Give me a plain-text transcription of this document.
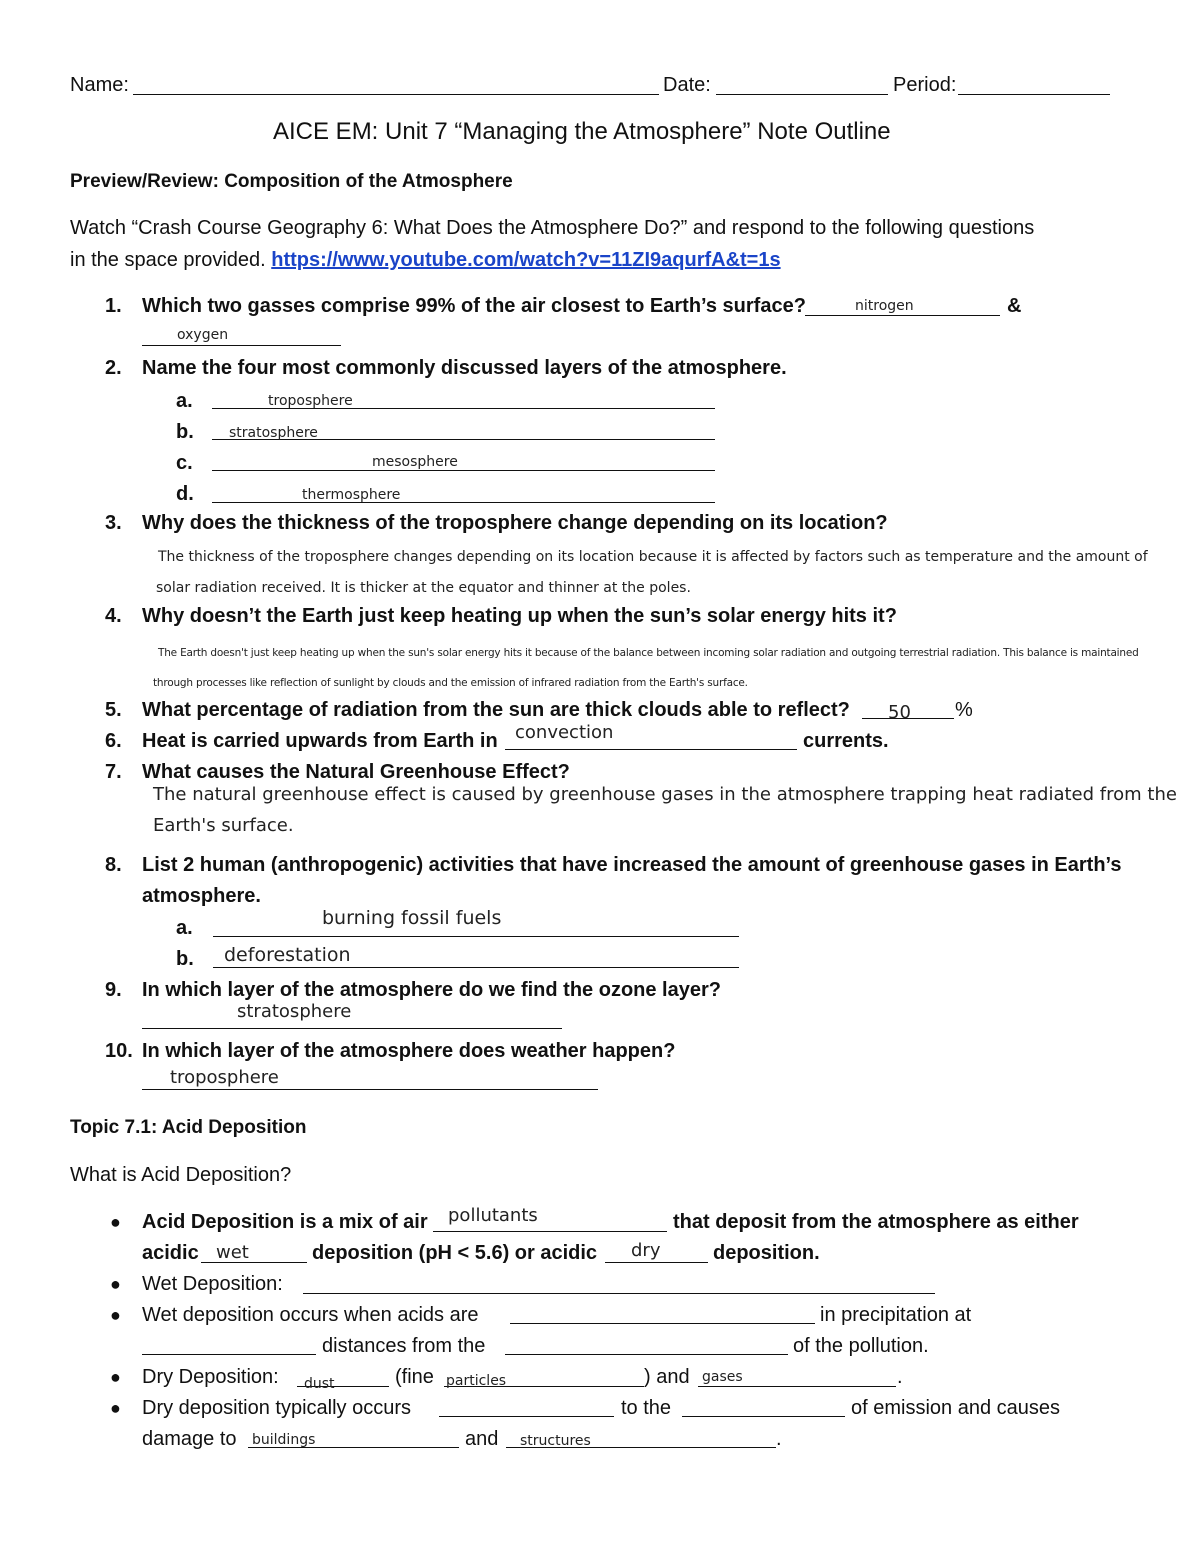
Name:	Date:	Period:
AICE EM: Unit 7 “Managing the Atmosphere” Note Outline
Preview/Review: Composition of the Atmosphere
Watch “Crash Course Geography 6: What Does the Atmosphere Do?” and respond to the following questions
in the space provided. https://www.youtube.com/watch?v=11ZI9aqurfA&t=1s
1. Which two gasses comprise 99% of the air closest to Earth’s surface?	nitrogen	&
oxygen
2. Name the four most commonly discussed layers of the atmosphere.
a.	troposphere
b.	stratosphere
c.	mesosphere
d.	thermosphere
3. Why does the thickness of the troposphere change depending on its location?
The thickness of the troposphere changes depending on its location because it is affected by factors such as temperature and the amount of
solar radiation received. It is thicker at the equator and thinner at the poles.
4. Why doesn’t the Earth just keep heating up when the sun’s solar energy hits it?
The Earth doesn't just keep heating up when the sun's solar energy hits it because of the balance between incoming solar radiation and outgoing terrestrial radiation. This balance is maintained
through processes like reflection of sunlight by clouds and the emission of infrared radiation from the Earth's surface.
5. What percentage of radiation from the sun are thick clouds able to reflect? 50 %
6. Heat is carried upwards from Earth in convection	currents.
7. What causes the Natural Greenhouse Effect?
The natural greenhouse effect is caused by greenhouse gases in the atmosphere trapping heat radiated from the
Earth's surface.
8. List 2 human (anthropogenic) activities that have increased the amount of greenhouse gases in Earth’s
atmosphere.
a.	burning fossil fuels
b. deforestation
9. In which layer of the atmosphere do we find the ozone layer?
stratosphere
10. In which layer of the atmosphere does weather happen?
troposphere
Topic 7.1: Acid Deposition
What is Acid Deposition?
● Acid Deposition is a mix of air pollutants	that deposit from the atmosphere as either
acidic wet	deposition (pH < 5.6) or acidic dry	deposition.
● Wet Deposition:
● Wet deposition occurs when acids are	in precipitation at
distances from the	of the pollution.
● Dry Deposition: dust	(fine particles	) and gases	.
● Dry deposition typically occurs	to the	of emission and causes
damage to buildings	and structures	.
